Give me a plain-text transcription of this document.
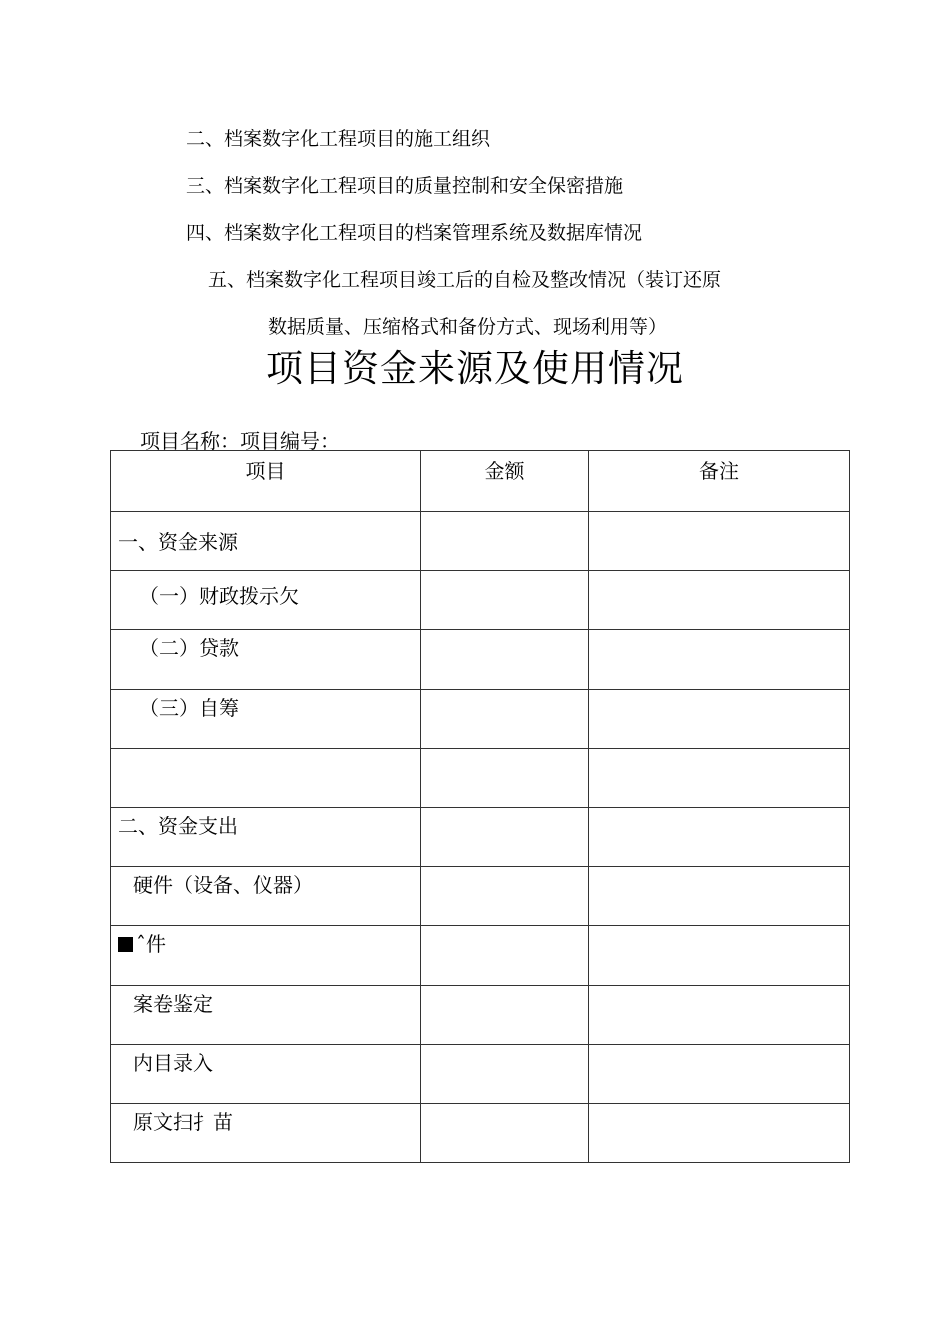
二、档案数字化工程项目的施工组织
三、档案数字化工程项目的质量控制和安全保密措施
四、档案数字化工程项目的档案管理系统及数据库情况
五、档案数字化工程项目竣工后的自检及整改情况（装订还原
数据质量、压缩格式和备份方式、现场利用等）
项目资金来源及使用情况
项目名称：项目编号：
项目	金额	备注
一、资金来源		
（一）财政拨示欠		
（二）贷款		
（三）自筹		

二、资金支出		
硬件（设备、仪器）		
ˆ件		
案卷鉴定		
内目录入		
原文扫扌苗		
